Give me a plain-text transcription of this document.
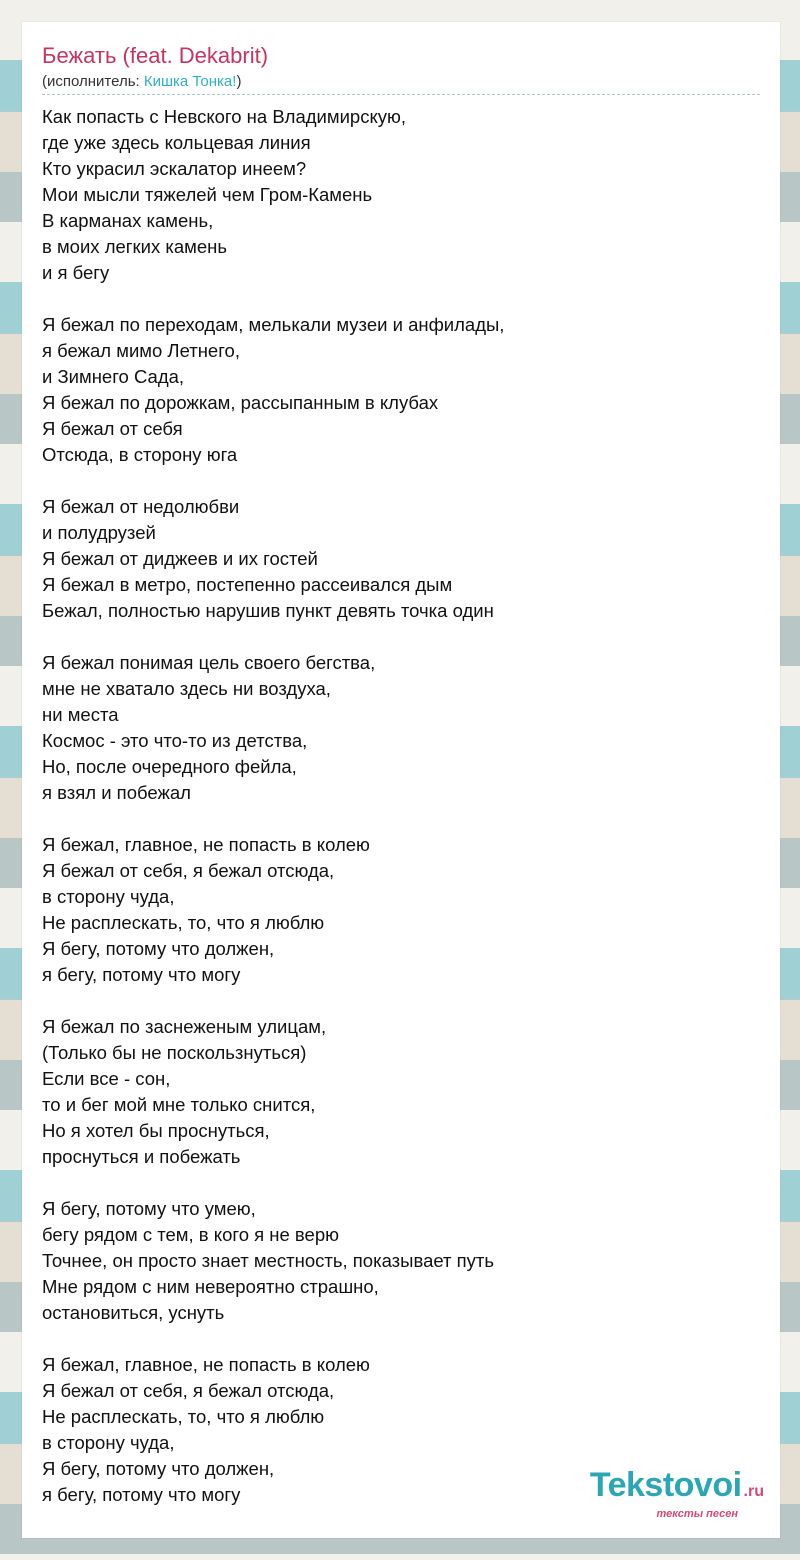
Бежать (feat. Dekabrit)
(исполнитель: Кишка Тонка!)
Как попасть с Невского на Владимирскую,
где уже здесь кольцевая линия
Кто украсил эскалатор инеем?
Мои мысли тяжелей чем Гром-Камень
В карманах камень,
в моих легких камень
и я бегу
Я бежал по переходам, мелькали музеи и анфилады,
я бежал мимо Летнего,
и Зимнего Сада,
Я бежал по дорожкам, рассыпанным в клубах
Я бежал от себя
Отсюда, в сторону юга
Я бежал от недолюбви
и полудрузей
Я бежал от диджеев и их гостей
Я бежал в метро, постепенно рассеивался дым
Бежал, полностью нарушив пункт девять точка один
Я бежал понимая цель своего бегства,
мне не хватало здесь ни воздуха,
ни места
Космос - это что-то из детства,
Но, после очередного фейла,
я взял и побежал
Я бежал, главное, не попасть в колею
Я бежал от себя, я бежал отсюда,
в сторону чуда,
Не расплескать, то, что я люблю
Я бегу, потому что должен,
я бегу, потому что могу
Я бежал по заснеженым улицам,
(Только бы не поскользнуться)
Если все - сон,
то и бег мой мне только снится,
Но я хотел бы проснуться,
проснуться и побежать
Я бегу, потому что умею,
бегу рядом с тем, в кого я не верю
Точнее, он просто знает местность, показывает путь
Мне рядом с ним невероятно страшно,
остановиться, уснуть
Я бежал, главное, не попасть в колею
Я бежал от себя, я бежал отсюда,
Не расплескать, то, что я люблю
в сторону чуда,
Я бегу, потому что должен,
я бегу, потому что могу	Tekstovoi .ru
тексты песен
